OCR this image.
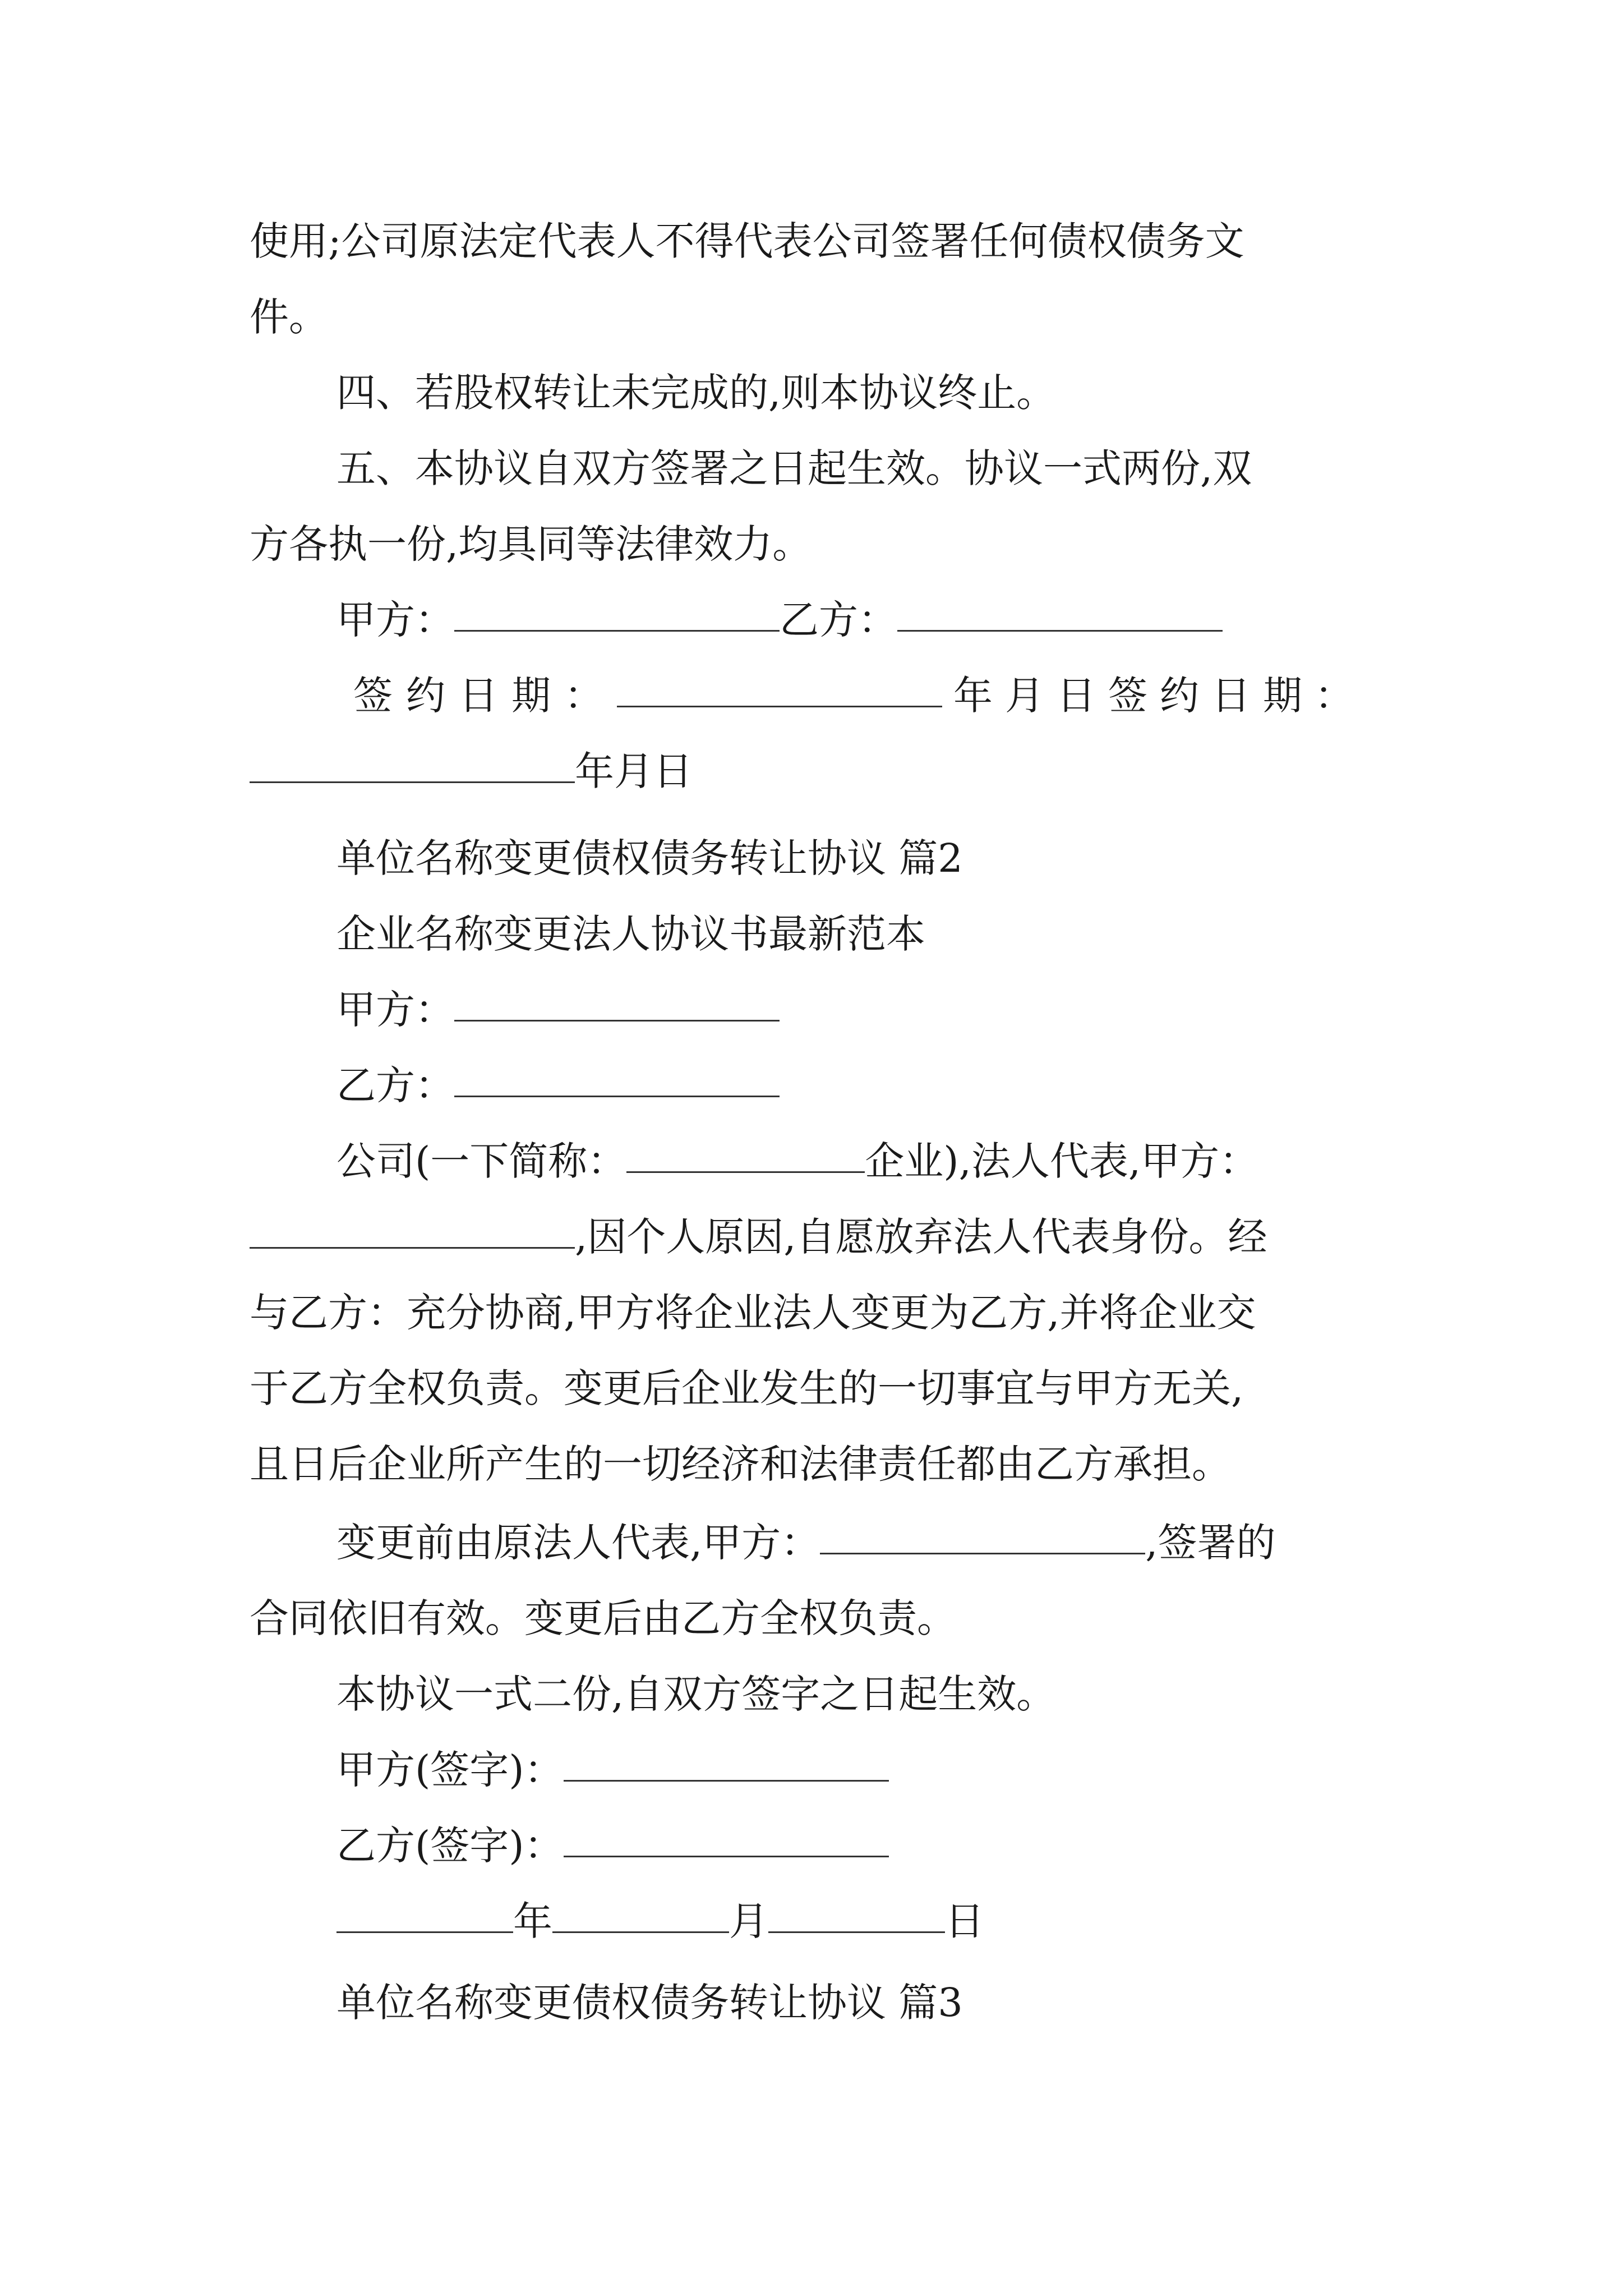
使用;公司原法定代表人不得代表公司签署任何债权债务文
件。
四、若股权转让未完成的,则本协议终止。
五、本协议自双方签署之日起生效。协议一式两份,双
方各执一份,均具同等法律效力。
甲方：	乙方：
签约日期：	年月日签约日期：
年月日
单位名称变更债权债务转让协议 篇2
企业名称变更法人协议书最新范本
甲方：
乙方：
公司(一下简称：	企业),法人代表,甲方：
,因个人原因,自愿放弃法人代表身份。经
与乙方：充分协商,甲方将企业法人变更为乙方,并将企业交
于乙方全权负责。变更后企业发生的一切事宜与甲方无关,
且日后企业所产生的一切经济和法律责任都由乙方承担。
变更前由原法人代表,甲方：	,签署的
合同依旧有效。变更后由乙方全权负责。
本协议一式二份,自双方签字之日起生效。
甲方(签字)：
乙方(签字)：
年	月	日
单位名称变更债权债务转让协议 篇3
